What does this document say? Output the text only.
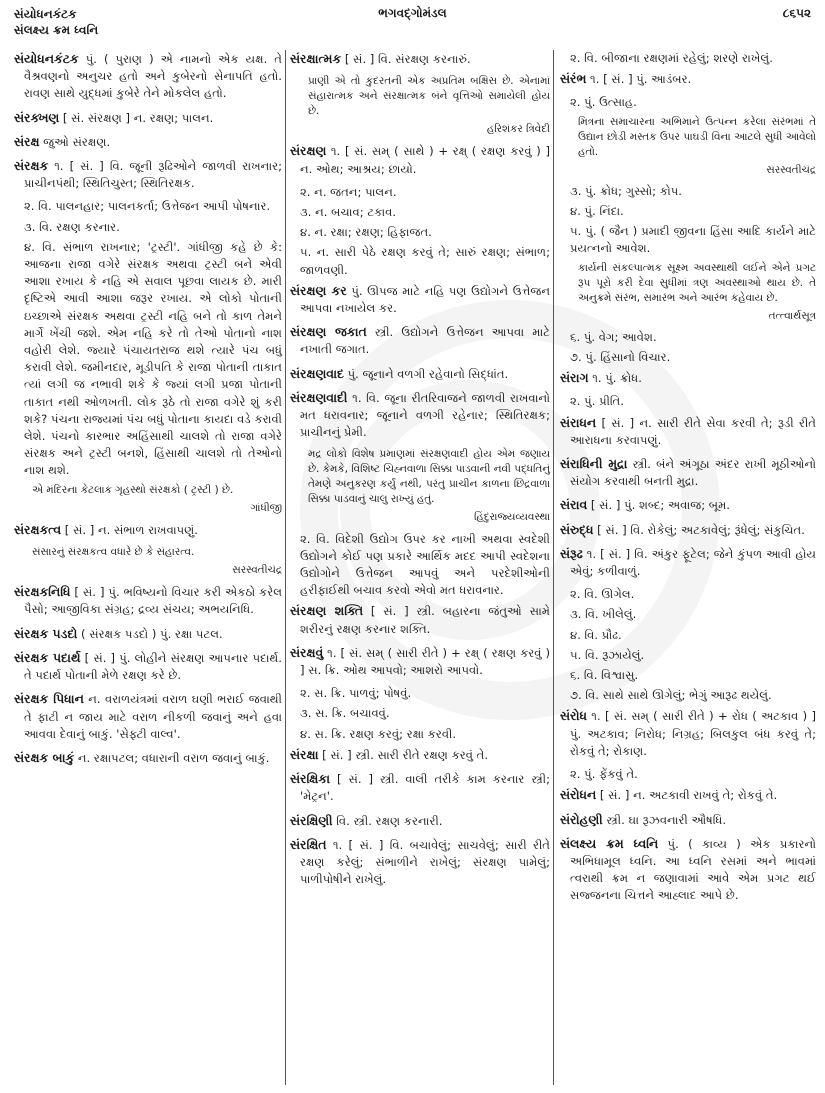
સંયોધનકંટક
સંલક્ષ્ય ક્રમ ધ્વનિ
ભગવદ્ગોમંડલ	૮૬૫૨

સંયોધનકંટક પું. ( પુરાણ ) એ નામનો એક યક્ષ. તે વૈશ્રવણનો અનુચર હતો અને કુબેરનો સેનાપતિ હતો. રાવણ સાથે યુદ્ધમાં કુબેરે તેને મોકલેલ હતો.

સંરક્ખણ [ સં. સંરક્ષણ ] ન. રક્ષણ; પાલન.

સંરક્ષ જુઓ સંરક્ષણ.

સંરક્ષક ૧. [ સં. ] વિ. જૂની રૂઢિઓને જાળવી રાખનાર; પ્રાચીનપંથી; સ્થિતિચુસ્ત; સ્થિતિરક્ષક.

૨. વિ. પાલનહાર; પાલનકર્તા; ઉત્તેજન આપી પોષનાર.

૩. વિ. રક્ષણ કરનાર.

૪. વિ. સંભાળ રાખનાર; 'ટ્રસ્ટી'. ગાંધીજી કહે છે કે: આજના રાજા વગેરે સંરક્ષક અથવા ટ્રસ્ટી બને એવી આશા રખાય કે નહિ એ સવાલ પૂછવા લાયક છે. મારી દૃષ્ટિએ આવી આશા જરૂર રખાય. એ લોકો પોતાની ઇચ્છાએ સંરક્ષક અથવા ટ્રસ્ટી નહિ બને તો કાળ તેમને માર્ગે ખેંચી જશે. એમ નહિ કરે તો તેઓ પોતાનો નાશ વહોરી લેશે. જ્યારે પંચાયતરાજ થશે ત્યારે પંચ બધું કરાવી લેશે. જમીનદાર, મૂડીપતિ કે રાજા પોતાની તાકાત ત્યાં લગી જ નભાવી શકે કે જ્યાં લગી પ્રજા પોતાની તાકાત નથી ઓળખતી. લોક રૂઠે તો રાજા વગેરે શું કરી શકે? પંચના રાજ્યમાં પંચ બધું પોતાના કાયદા વડે કરાવી લેશે. પંચનો કારભાર અહિંસાથી ચાલશે તો રાજા વગેરે સંરક્ષક અને ટ્રસ્ટી બનશે, હિંસાથી ચાલશે તો તેઓનો નાશ થશે.

એ મંદિરના કેટલાક ગૃહસ્થો સંરક્ષકો ( ટ્રસ્ટી ) છે.

ગાંધીજી

સંરક્ષકત્વ [ સં. ] ન. સંભાળ રાખવાપણું.

સંસારનું સંરક્ષકત્વ વધારે છે કે સંહારત્વ.

સરસ્વતીચંદ્ર

સંરક્ષકનિધિ [ સં. ] પું. ભવિષ્યનો વિચાર કરી એકઠો કરેલ પૈસો; આજીવિકા સંગ્રહ; દ્રવ્ય સંચય; અભયનિધિ.

સંરક્ષક પડદો ( સંરક્ષક પડદો ) પું. રક્ષા પટલ.

સંરક્ષક પદાર્થ [ સં. ] પું. લોહીને સંરક્ષણ આપનાર પદાર્થ. તે પદાર્થ પોતાની મેળે રક્ષણ કરે છે.

સંરક્ષક પિધાન ન. વરાળયંત્રમાં વરાળ ઘણી ભરાઈ જવાથી તે ફાટી ન જાય માટે વરાળ નીકળી જવાનું અને હવા આવવા દેવાનું બાકું. 'સેફ્ટી વાલ્વ'.

સંરક્ષક બાકું ન. રક્ષાપટલ; વધારાની વરાળ જવાનું બાકું.

સંરક્ષાત્મક [ સં. ] વિ. સંરક્ષણ કરનારું.

પ્રાણી એ તો કુદરતની એક અપ્રતિમ બક્ષિસ છે. એનામાં સંહારાત્મક અને સંરક્ષાત્મક બંને વૃત્તિઓ સમાયેલી હોય છે.

હરિશંકર ત્રિવેદી

સંરક્ષણ ૧. [ સં. સમ્ ( સાથે ) + રક્ષ્ ( રક્ષણ કરવું ) ] ન. ઓથ; આશ્રય; છાયો.

૨. ન. જતન; પાલન.

૩. ન. બચાવ; ટકાવ.

૪. ન. રક્ષા; રક્ષણ; હિફાજત.

૫. ન. સારી પેઠે રક્ષણ કરવું તે; સારું રક્ષણ; સંભાળ; જાળવણી.

સંરક્ષણ કર પું. ઊપજ માટે નહિ પણ ઉદ્યોગને ઉત્તેજન આપવા નખાયેલ કર.

સંરક્ષણ જકાત સ્ત્રી. ઉદ્યોગને ઉત્તેજન આપવા માટે નખાતી જગાત.

સંરક્ષણવાદ પું. જૂનાને વળગી રહેવાનો સિદ્ધાંત.

સંરક્ષણવાદી ૧. વિ. જૂના રીતરિવાજને જાળવી રાખવાનો મત ધરાવનાર; જૂનાને વળગી રહેનાર; સ્થિતિરક્ષક; પ્રાચીનનું પ્રેમી.

મદ્ર લોકો વિશેષ પ્રમાણમાં સંરક્ષણવાદી હોય એમ જણાય છે. કેમકે, વિશિષ્ટ ચિહ્નવાળા સિક્કા પાડવાની નવી પદ્ધતિનું તેમણે અનુકરણ કર્યું નથી, પરંતુ પ્રાચીન કાળના છિદ્રવાળા સિક્કા પાડવાનું ચાલુ રાખ્યું હતું.

હિંદુરાજ્યવ્યવસ્થા

૨. વિ. વિદેશી ઉદ્યોગ ઉપર કર નાખી અથવા સ્વદેશી ઉદ્યોગને કોઈ પણ પ્રકારે આર્થિક મદદ આપી સ્વદેશના ઉદ્યોગોને ઉત્તેજન આપવું અને પરદેશીઓની હરીફાઈથી બચાવ કરવો એવો મત ધરાવનાર.

સંરક્ષણ શક્તિ [ સં. ] સ્ત્રી. બહારના જંતુઓ સામે શરીરનું રક્ષણ કરનાર શક્તિ.

સંરક્ષવું ૧. [ સં. સમ્ ( સારી રીતે ) + રક્ષ્ ( રક્ષણ કરવું ) ] સ. ક્રિ. ઓથ આપવો; આશરો આપવો.

૨. સ. ક્રિ. પાળવું; પોષવું.

૩. સ. ક્રિ. બચાવવું.

૪. સ. ક્રિ. રક્ષણ કરવું; રક્ષા કરવી.

સંરક્ષા [ સં. ] સ્ત્રી. સારી રીતે રક્ષણ કરવું તે.

સંરક્ષિકા [ સં. ] સ્ત્રી. વાલી તરીકે કામ કરનાર સ્ત્રી; 'મેટ્રન'.

સંરક્ષિણી વિ. સ્ત્રી. રક્ષણ કરનારી.

સંરક્ષિત ૧. [ સં. ] વિ. બચાવેલું; સાચવેલું; સારી રીતે રક્ષણ કરેલું; સંભાળીને રાખેલું; સંરક્ષણ પામેલું; પાળીપોષીને રાખેલું.

૨. વિ. બીજાના રક્ષણમાં રહેલું; શરણે રાખેલું.

સંરંભ ૧. [ સં. ] પું. આડંબર.

૨. પું. ઉત્સાહ.

મિત્રના સમાચારના અભિમાને ઉત્પન્ન કરેલા સંરંભમાં તે ઉદ્યાન છોડી મસ્તક ઉપર પાઘડી વિના આટલે સુધી આવેલો હતો.

સરસ્વતીચંદ્ર

૩. પું. ક્રોધ; ગુસ્સો; કોપ.

૪. પું. નિંદા.

૫. પું. ( જૈન ) પ્રમાદી જીવના હિંસા આદિ કાર્યને માટે પ્રયત્નનો આવેશ.

કાર્યની સંકલ્પાત્મક સૂક્ષ્મ અવસ્થાથી લઈને એને પ્રગટ રૂપ પૂરો કરી દેવા સુધીમાં ત્રણ અવસ્થાઓ થાય છે. તે અનુક્રમે સંરંભ, સમારંભ અને આરંભ કહેવાય છે.

તત્ત્વાર્થસૂત્ર

૬. પું. વેગ; આવેશ.

૭. પું. હિંસાનો વિચાર.

સંરાગ ૧. પું. ક્રોધ.

૨. પું. પ્રીતિ.

સંરાધન [ સં. ] ન. સારી રીતે સેવા કરવી તે; રૂડી રીતે આરાધના કરવાપણું.

સંરાધિની મુદ્રા સ્ત્રી. બંને અંગૂઠા અંદર રાખી મૂઠીઓનો સંયોગ કરવાથી બનતી મુદ્રા.

સંરાવ [ સં. ] પું. શબ્દ; અવાજ; બૂમ.

સંરુદ્ધ [ સં. ] વિ. રોકેલું; અટકાવેલું; રૂંધેલું; સંકુચિત.

સંરૂઢ ૧. [ સં. ] વિ. અંકુર ફૂટેલ; જેને કુંપળ આવી હોય એવું; કળીવાળું.

૨. વિ. ઊગેલ.

૩. વિ. ખીલેલું.

૪. વિ. પ્રૌઢ.

૫. વિ. રૂઝાયેલું.

૬. વિ. વિશ્વાસુ.

૭. વિ. સાથે સાથે ઊગેલું; ભેગું આરૂઢ થયેલું.

સંરોધ ૧. [ સં. સમ્ ( સારી રીતે ) + રોધ ( અટકાવ ) ] પું. અટકાવ; નિરોધ; નિગ્રહ; બિલકુલ બંધ કરવું તે; રોકવું તે; રોકાણ.

૨. પું. ફેંકવું તે.

સંરોધન [ સં. ] ન. અટકાવી રાખવું તે; રોકવું તે.

સંરોહણી સ્ત્રી. ઘા રૂઝવનારી ઔષધિ.

સંલક્ષ્ય ક્રમ ધ્વનિ પું. ( કાવ્ય ) એક પ્રકારનો અભિધામૂલ ધ્વનિ. આ ધ્વનિ રસમાં અને ભાવમાં ત્વરાથી ક્રમ ન જણાવામાં આવે એમ પ્રગટ થઈ સજ્જનના ચિત્તને આહ્લાદ આપે છે.
